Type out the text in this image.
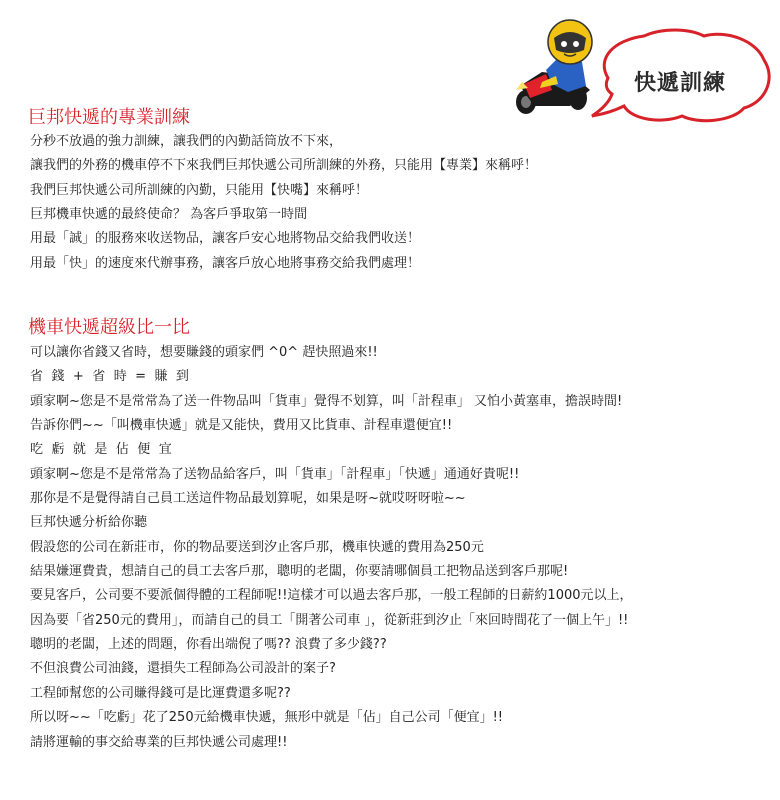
快遞訓練
巨邦快遞的專業訓練
分秒不放過的強力訓練，讓我們的內勤話筒放不下來，
讓我們的外務的機車停不下來我們巨邦快遞公司所訓練的外務，只能用【專業】來稱呼！
我們巨邦快遞公司所訓練的內勤，只能用【快嘴】來稱呼！
巨邦機車快遞的最終使命？ 為客戶爭取第一時間
用最「誠」的服務來收送物品，讓客戶安心地將物品交給我們收送！
用最「快」的速度來代辦事務，讓客戶放心地將事務交給我們處理！
機車快遞超級比一比
可以讓你省錢又省時，想要賺錢的頭家們 ^0^ 趕快照過來!!
省錢+省時=賺到
頭家啊~您是不是常常為了送一件物品叫「貨車」覺得不划算，叫「計程車」 又怕小黃塞車，擔誤時間!
告訴你們~~「叫機車快遞」就是又能快，費用又比貨車、計程車還便宜!!
吃虧就是佔便宜
頭家啊~您是不是常常為了送物品給客戶，叫「貨車」「計程車」「快遞」通通好貴呢!!
那你是不是覺得請自己員工送這件物品最划算呢，如果是呀~就哎呀呀啦~~
巨邦快遞分析給你聽
假設您的公司在新莊市，你的物品要送到汐止客戶那，機車快遞的費用為250元
結果嫌運費貴，想請自己的員工去客戶那，聰明的老闆，你要請哪個員工把物品送到客戶那呢!
要見客戶，公司要不要派個得體的工程師呢!!這樣才可以過去客戶那，一般工程師的日薪約1000元以上，
因為要「省250元的費用」，而請自己的員工「開著公司車 」，從新莊到汐止「來回時間花了一個上午」!!
聰明的老闆，上述的問題，你看出端倪了嗎?? 浪費了多少錢??
不但浪費公司油錢，還損失工程師為公司設計的案子?
工程師幫您的公司賺得錢可是比運費還多呢??
所以呀~~「吃虧」花了250元給機車快遞，無形中就是「佔」自己公司「便宜」!!
請將運輸的事交給專業的巨邦快遞公司處理!!
